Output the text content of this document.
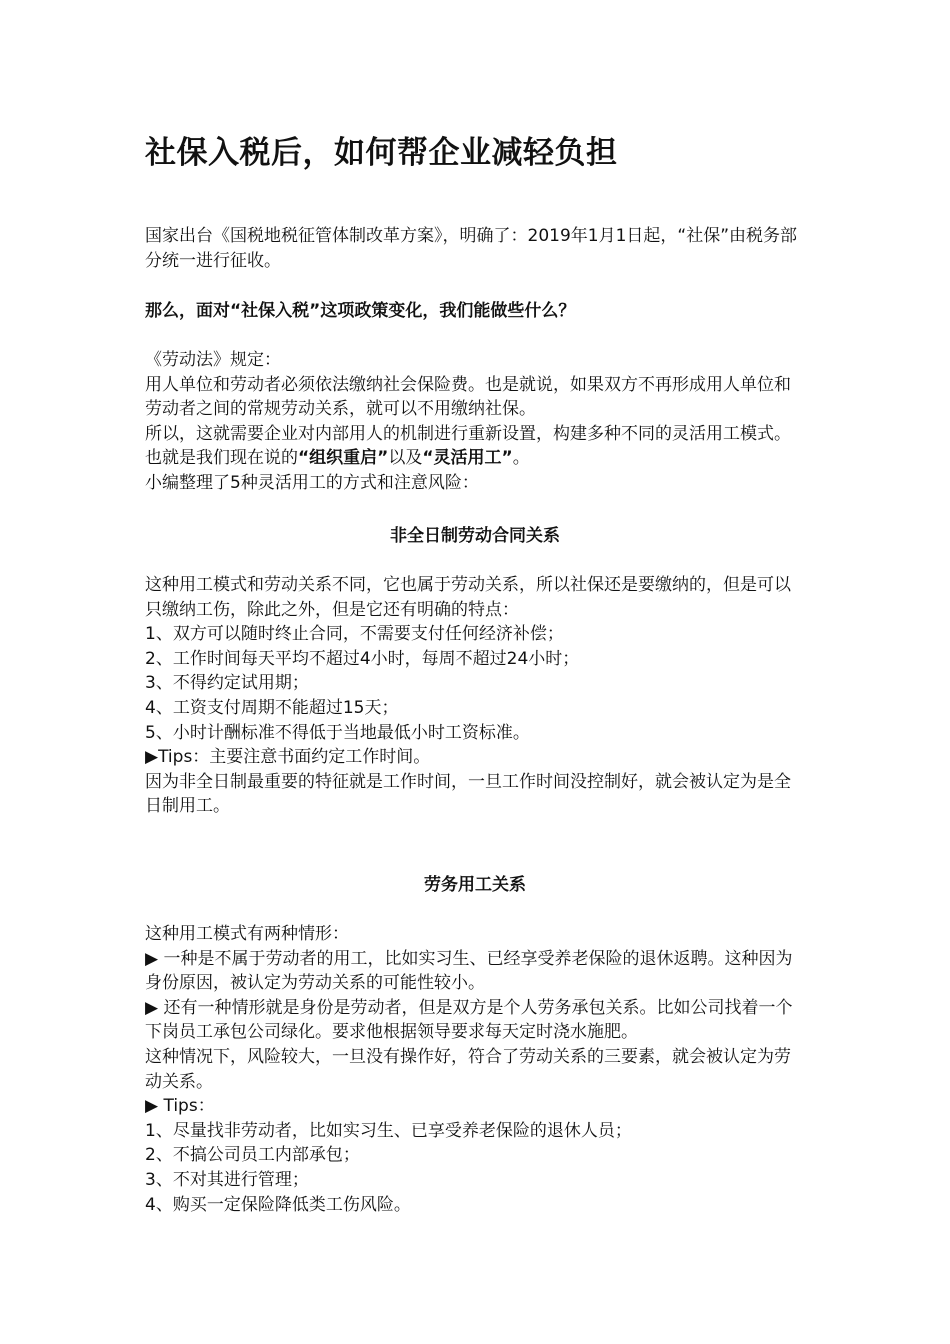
社保入税后，如何帮企业减轻负担

国家出台《国税地税征管体制改革方案》，明确了：2019年1月1日起，“社保”由税务部分统一进行征收。

那么，面对“社保入税”这项政策变化，我们能做些什么？

《劳动法》规定：

用人单位和劳动者必须依法缴纳社会保险费。也是就说，如果双方不再形成用人单位和劳动者之间的常规劳动关系，就可以不用缴纳社保。

所以，这就需要企业对内部用人的机制进行重新设置，构建多种不同的灵活用工模式。也就是我们现在说的“组织重启”以及“灵活用工”。

小编整理了5种灵活用工的方式和注意风险：

非全日制劳动合同关系

这种用工模式和劳动关系不同，它也属于劳动关系，所以社保还是要缴纳的，但是可以只缴纳工伤，除此之外，但是它还有明确的特点：

1、双方可以随时终止合同，不需要支付任何经济补偿；

2、工作时间每天平均不超过4小时，每周不超过24小时；

3、不得约定试用期；

4、工资支付周期不能超过15天；

5、小时计酬标准不得低于当地最低小时工资标准。

▶Tips：主要注意书面约定工作时间。

因为非全日制最重要的特征就是工作时间，一旦工作时间没控制好，就会被认定为是全日制用工。

劳务用工关系

这种用工模式有两种情形：

▶ 一种是不属于劳动者的用工，比如实习生、已经享受养老保险的退休返聘。这种因为身份原因，被认定为劳动关系的可能性较小。

▶ 还有一种情形就是身份是劳动者，但是双方是个人劳务承包关系。比如公司找着一个下岗员工承包公司绿化。要求他根据领导要求每天定时浇水施肥。

这种情况下，风险较大，一旦没有操作好，符合了劳动关系的三要素，就会被认定为劳动关系。

▶ Tips：

1、尽量找非劳动者，比如实习生、已享受养老保险的退休人员；

2、不搞公司员工内部承包；

3、不对其进行管理；

4、购买一定保险降低类工伤风险。
